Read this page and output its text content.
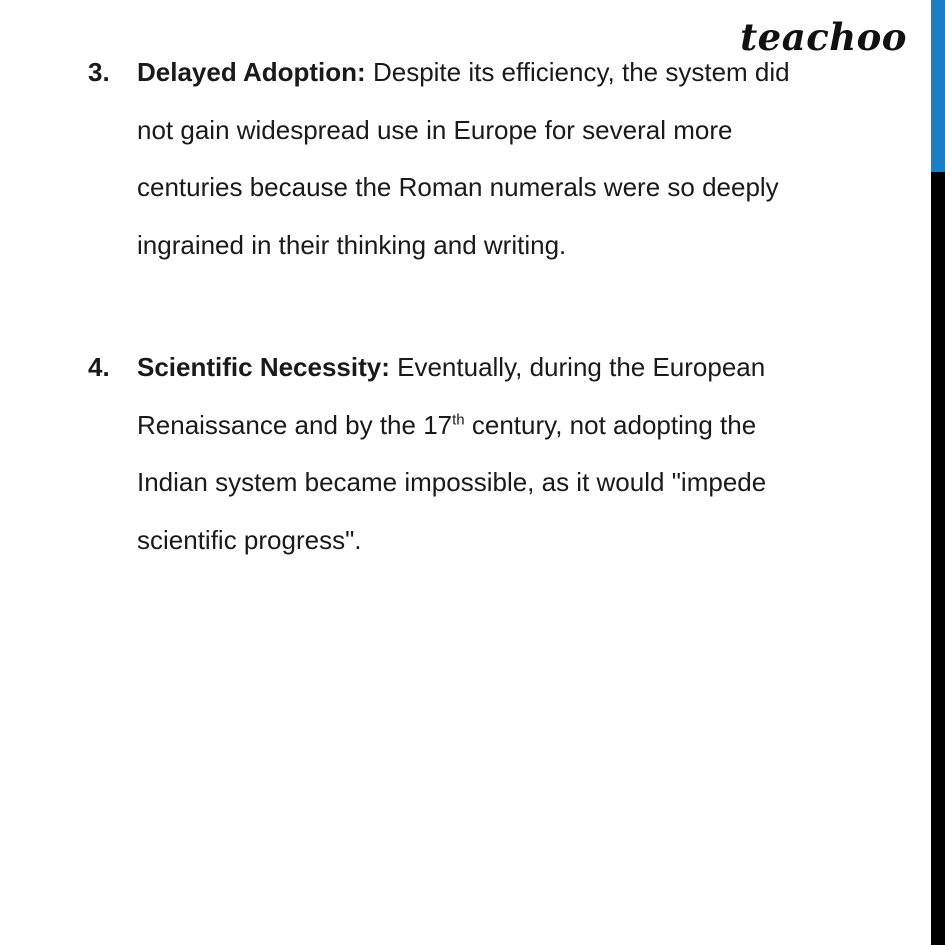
teachoo
3. Delayed Adoption: Despite its efficiency, the system did
not gain widespread use in Europe for several more
centuries because the Roman numerals were so deeply
ingrained in their thinking and writing.
4. Scientific Necessity: Eventually, during the European
Renaissance and by the 17th century, not adopting the
Indian system became impossible, as it would "impede
scientific progress".
